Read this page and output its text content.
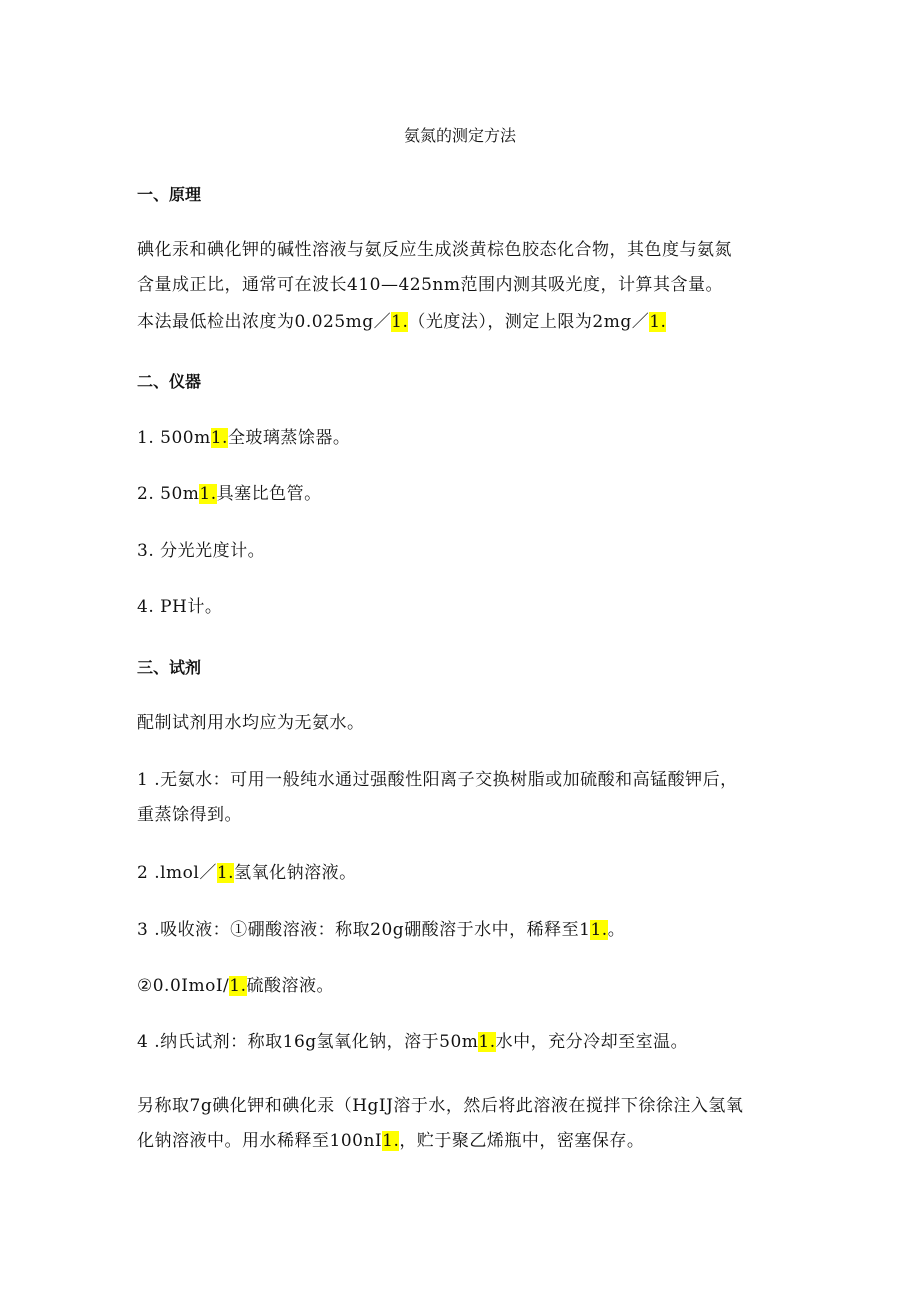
氨氮的测定方法
一、原理
碘化汞和碘化钾的碱性溶液与氨反应生成淡黄棕色胶态化合物，其色度与氨氮
含量成正比，通常可在波长410—425nm范围内测其吸光度，计算其含量。
本法最低检出浓度为0.025mg／1.（光度法），测定上限为2mg／1.
二、仪器
1. 500m1.全玻璃蒸馀器。
2. 50m1.具塞比色管。
3. 分光光度计。
4. PH计。
三、试剂
配制试剂用水均应为无氨水。
1 .无氨水：可用一般纯水通过强酸性阳离子交换树脂或加硫酸和高锰酸钾后，
重蒸馀得到。
2 .lmol／1.氢氧化钠溶液。
3 .吸收液：①硼酸溶液：称取20g硼酸溶于水中，稀释至11.。
②0.0ImoI/1.硫酸溶液。
4 .纳氏试剂：称取16g氢氧化钠，溶于50m1.水中，充分冷却至室温。
另称取7g碘化钾和碘化汞（HgIJ溶于水，然后将此溶液在搅拌下徐徐注入氢氧
化钠溶液中。用水稀释至100nI1.，贮于聚乙烯瓶中，密塞保存。
